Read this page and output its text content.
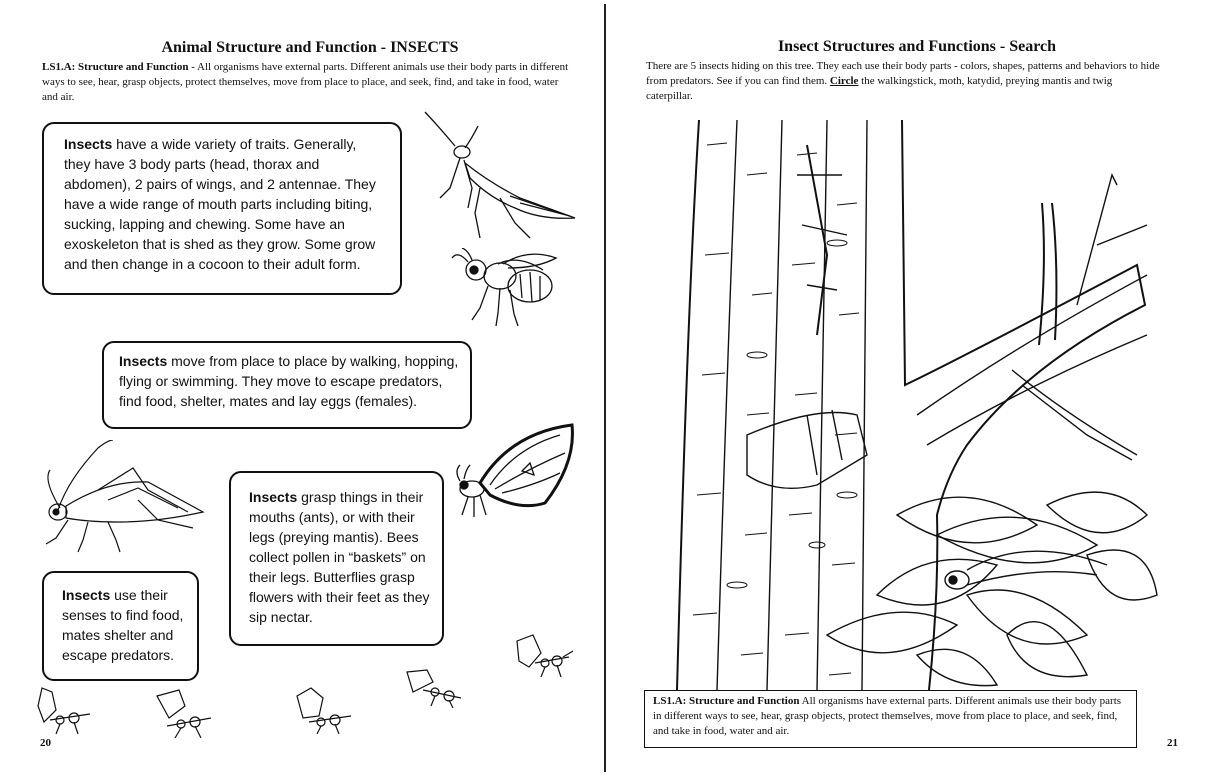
Animal Structure and Function - INSECTS
LS1.A: Structure and Function - All organisms have external parts. Different animals use their body parts in different ways to see, hear, grasp objects, protect themselves, move from place to place, and seek, find, and take in food, water and air.
Insects have a wide variety of traits. Generally, they have 3 body parts (head, thorax and abdomen), 2 pairs of wings, and 2 antennae. They have a wide range of mouth parts including biting, sucking, lapping and chewing. Some have an exoskeleton that is shed as they grow. Some grow and then change in a cocoon to their adult form.
Insects move from place to place by walking, hopping, flying or swimming. They move to escape predators, find food, shelter, mates and lay eggs (females).
Insects grasp things in their mouths (ants), or with their legs (preying mantis). Bees collect pollen in “baskets” on their legs. Butterflies grasp flowers with their feet as they sip nectar.
Insects use their senses to find food, mates shelter and escape predators.
20
Insect Structures and Functions - Search
There are 5 insects hiding on this tree. They each use their body parts - colors, shapes, patterns and behaviors to hide from predators. See if you can find them. Circle the walkingstick, moth, katydid, preying mantis and twig caterpillar.
LS1.A: Structure and Function All organisms have external parts. Different animals use their body parts in different ways to see, hear, grasp objects, protect themselves, move from place to place, and seek, find, and take in food, water and air.
21
